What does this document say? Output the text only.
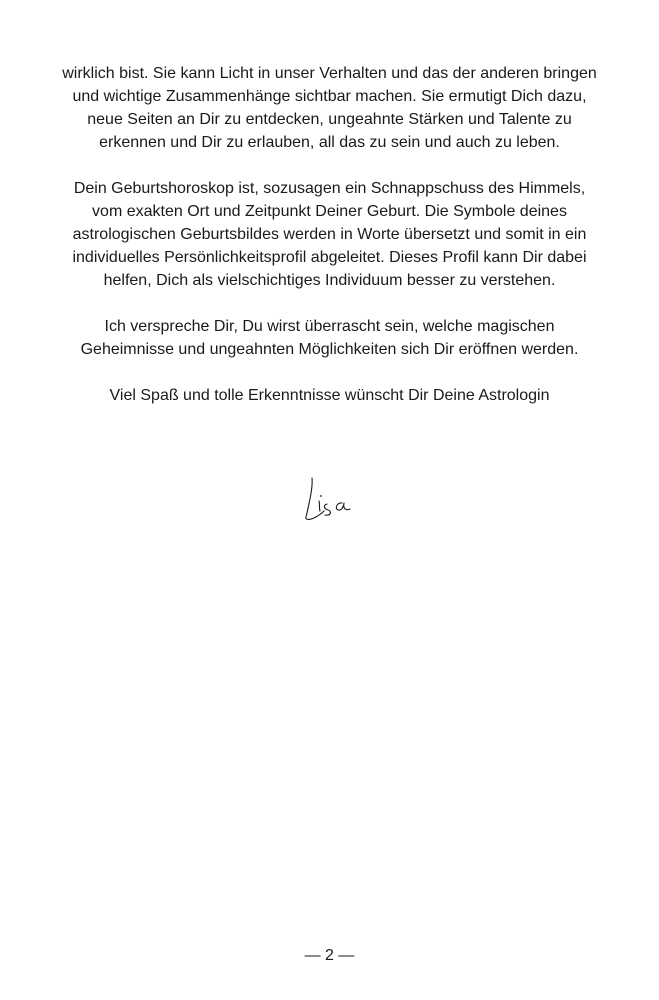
wirklich bist. Sie kann Licht in unser Verhalten und das der anderen bringen und wichtige Zusammenhänge sichtbar machen. Sie ermutigt Dich dazu, neue Seiten an Dir zu entdecken, ungeahnte Stärken und Talente zu erkennen und Dir zu erlauben, all das zu sein und auch zu leben.

Dein Geburtshoroskop ist, sozusagen ein Schnappschuss des Himmels, vom exakten Ort und Zeitpunkt Deiner Geburt. Die Symbole deines astrologischen Geburtsbildes werden in Worte übersetzt und somit in ein individuelles Persönlichkeitsprofil abgeleitet. Dieses Profil kann Dir dabei helfen, Dich als vielschichtiges Individuum besser zu verstehen.

Ich verspreche Dir, Du wirst überrascht sein, welche magischen Geheimnisse und ungeahnten Möglichkeiten sich Dir eröffnen werden.

Viel Spaß und tolle Erkenntnisse wünscht Dir Deine Astrologin

— 2 —
